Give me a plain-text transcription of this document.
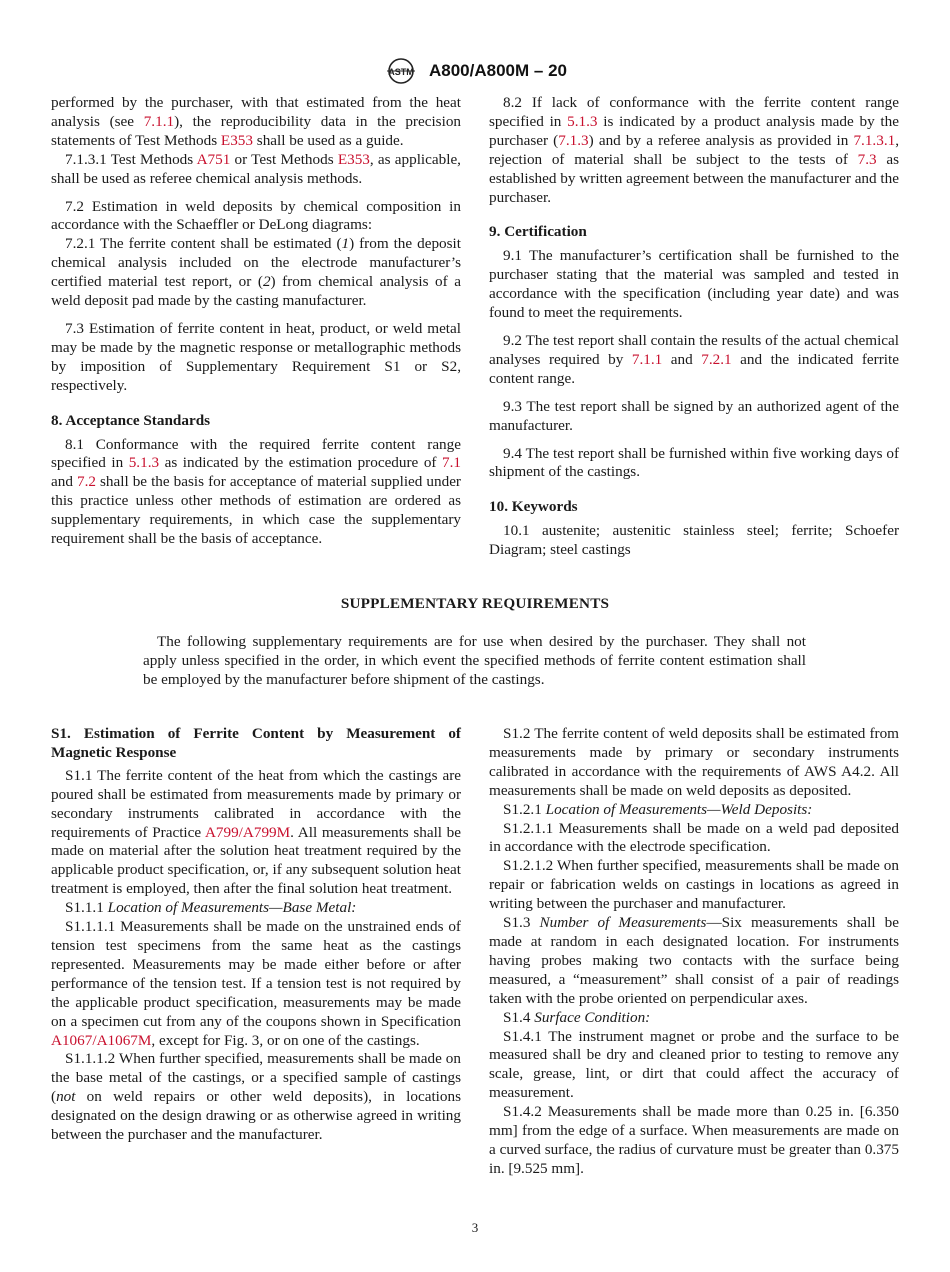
ASTM A800/A800M – 20

performed by the purchaser, with that estimated from the heat analysis (see 7.1.1), the reproducibility data in the precision statements of Test Methods E353 shall be used as a guide.

7.1.3.1 Test Methods A751 or Test Methods E353, as applicable, shall be used as referee chemical analysis methods.

7.2 Estimation in weld deposits by chemical composition in accordance with the Schaeffler or DeLong diagrams:

7.2.1 The ferrite content shall be estimated (1) from the deposit chemical analysis included on the electrode manufacturer’s certified material test report, or (2) from chemical analysis of a weld deposit pad made by the casting manufacturer.

7.3 Estimation of ferrite content in heat, product, or weld metal may be made by the magnetic response or metallographic methods by imposition of Supplementary Requirement S1 or S2, respectively.

8. Acceptance Standards

8.1 Conformance with the required ferrite content range specified in 5.1.3 as indicated by the estimation procedure of 7.1 and 7.2 shall be the basis for acceptance of material supplied under this practice unless other methods of estimation are ordered as supplementary requirements, in which case the supplementary requirement shall be the basis of acceptance.

8.2 If lack of conformance with the ferrite content range specified in 5.1.3 is indicated by a product analysis made by the purchaser (7.1.3) and by a referee analysis as provided in 7.1.3.1, rejection of material shall be subject to the tests of 7.3 as established by written agreement between the manufacturer and the purchaser.

9. Certification

9.1 The manufacturer’s certification shall be furnished to the purchaser stating that the material was sampled and tested in accordance with the specification (including year date) and was found to meet the requirements.

9.2 The test report shall contain the results of the actual chemical analyses required by 7.1.1 and 7.2.1 and the indicated ferrite content range.

9.3 The test report shall be signed by an authorized agent of the manufacturer.

9.4 The test report shall be furnished within five working days of shipment of the castings.

10. Keywords

10.1 austenite; austenitic stainless steel; ferrite; Schoefer Diagram; steel castings

SUPPLEMENTARY REQUIREMENTS
The following supplementary requirements are for use when desired by the purchaser. They shall not apply unless specified in the order, in which event the specified methods of ferrite content estimation shall be employed by the manufacturer before shipment of the castings.
S1. Estimation of Ferrite Content by Measurement of Magnetic Response

S1.1 The ferrite content of the heat from which the castings are poured shall be estimated from measurements made by primary or secondary instruments calibrated in accordance with the requirements of Practice A799/A799M. All measurements shall be made on material after the solution heat treatment required by the applicable product specification, or, if any subsequent solution heat treatment is employed, then after the final solution heat treatment.

S1.1.1 Location of Measurements—Base Metal:

S1.1.1.1 Measurements shall be made on the unstrained ends of tension test specimens from the same heat as the castings represented. Measurements may be made either before or after performance of the tension test. If a tension test is not required by the applicable product specification, measurements may be made on a specimen cut from any of the coupons shown in Specification A1067/A1067M, except for Fig. 3, or on one of the castings.

S1.1.1.2 When further specified, measurements shall be made on the base metal of the castings, or a specified sample of castings (not on weld repairs or other weld deposits), in locations designated on the design drawing or as otherwise agreed in writing between the purchaser and the manufacturer.

S1.2 The ferrite content of weld deposits shall be estimated from measurements made by primary or secondary instruments calibrated in accordance with the requirements of AWS A4.2. All measurements shall be made on weld deposits as deposited.

S1.2.1 Location of Measurements—Weld Deposits:

S1.2.1.1 Measurements shall be made on a weld pad deposited in accordance with the electrode specification.

S1.2.1.2 When further specified, measurements shall be made on repair or fabrication welds on castings in locations as agreed in writing between the purchaser and manufacturer.

S1.3 Number of Measurements—Six measurements shall be made at random in each designated location. For instruments having probes making two contacts with the surface being measured, a “measurement” shall consist of a pair of readings taken with the probe oriented on perpendicular axes.

S1.4 Surface Condition:

S1.4.1 The instrument magnet or probe and the surface to be measured shall be dry and cleaned prior to testing to remove any scale, grease, lint, or dirt that could affect the accuracy of measurement.

S1.4.2 Measurements shall be made more than 0.25 in. [6.350 mm] from the edge of a surface. When measurements are made on a curved surface, the radius of curvature must be greater than 0.375 in. [9.525 mm].

3
